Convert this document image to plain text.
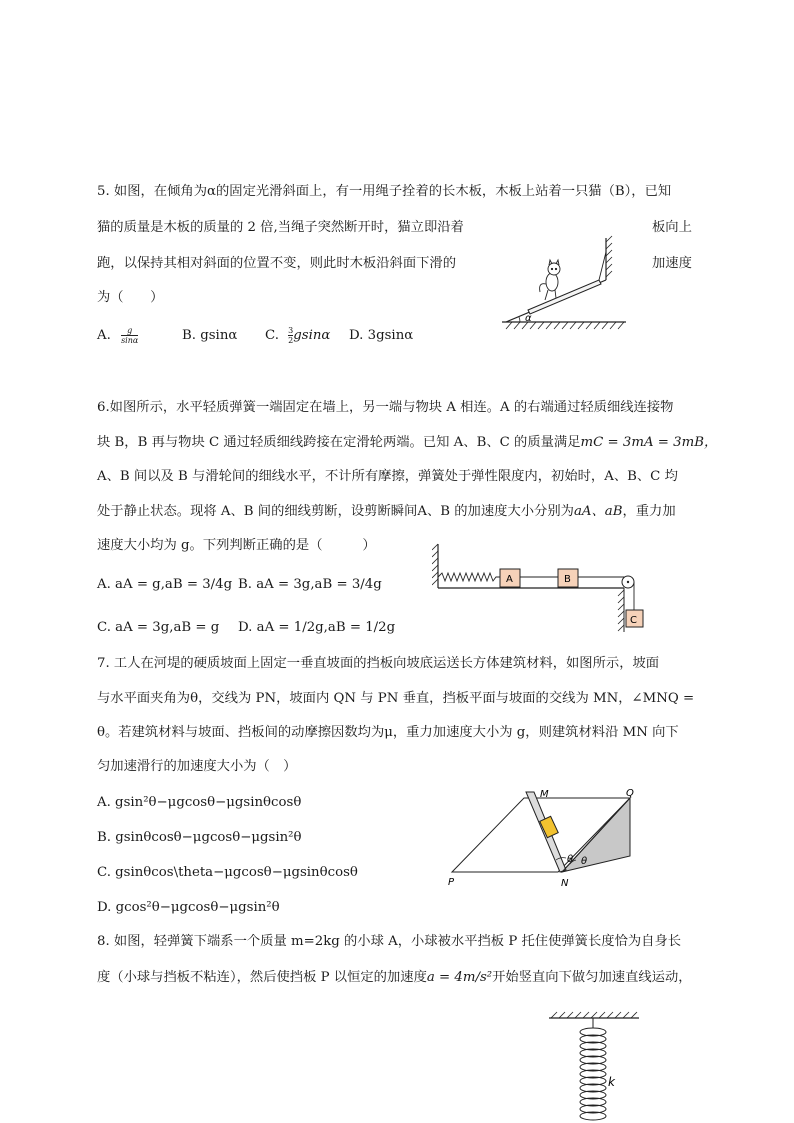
5. 如图，在倾角为α的固定光滑斜面上，有一用绳子拴着的长木板，木板上站着一只猫（B），已知
猫的质量是木板的质量的 2 倍,当绳子突然断开时，猫立即沿着	板向上
跑，以保持其相对斜面的位置不变，则此时木板沿斜面下滑的	加速度
为（　　）
A. $\frac{g}{\sin\alpha}$	B. gsinα C. $\frac{3}{2}$ gsinα D. 3gsinα
α
6.如图所示，水平轻质弹簧一端固定在墙上，另一端与物块 A 相连。A 的右端通过轻质细线连接物
块 B，B 再与物块 C 通过轻质细线跨接在定滑轮两端。已知 A、B、C 的质量满足mC = 3mA = 3mB，
A、B 间以及 B 与滑轮间的细线水平，不计所有摩擦，弹簧处于弹性限度内，初始时，A、B、C 均
处于静止状态。现将 A、B 间的细线剪断，设剪断瞬间A、B 的加速度大小分别为aA、aB，重力加
速度大小均为 g。下列判断正确的是（　　　）
A. aA = g,aB = 3/4g B. aA = 3g,aB = 3/4g
C. aA = 3g,aB = g D. aA = 1/2g,aB = 1/2g
A	B
C
7. 工人在河堤的硬质坡面上固定一垂直坡面的挡板向坡底运送长方体建筑材料，如图所示，坡面
与水平面夹角为θ，交线为 PN，坡面内 QN 与 PN 垂直，挡板平面与坡面的交线为 MN，∠MNQ =
θ。若建筑材料与坡面、挡板间的动摩擦因数均为μ，重力加速度大小为 g，则建筑材料沿 MN 向下
匀加速滑行的加速度大小为（　）
A. gsin²θ−μgcosθ−μgsinθcosθ
B. gsinθcosθ−μgcosθ−μgsin²θ
C. gsinθcos\theta−μgcosθ−μgsinθcosθ
D. gcos²θ−μgcosθ−μgsin²θ
M	Q
P	N
θ θ
8. 如图，轻弹簧下端系一个质量 m=2kg 的小球 A，小球被水平挡板 P 托住使弹簧长度恰为自身长
度（小球与挡板不粘连），然后使挡板 P 以恒定的加速度a = 4m/s²开始竖直向下做匀加速直线运动，
k
